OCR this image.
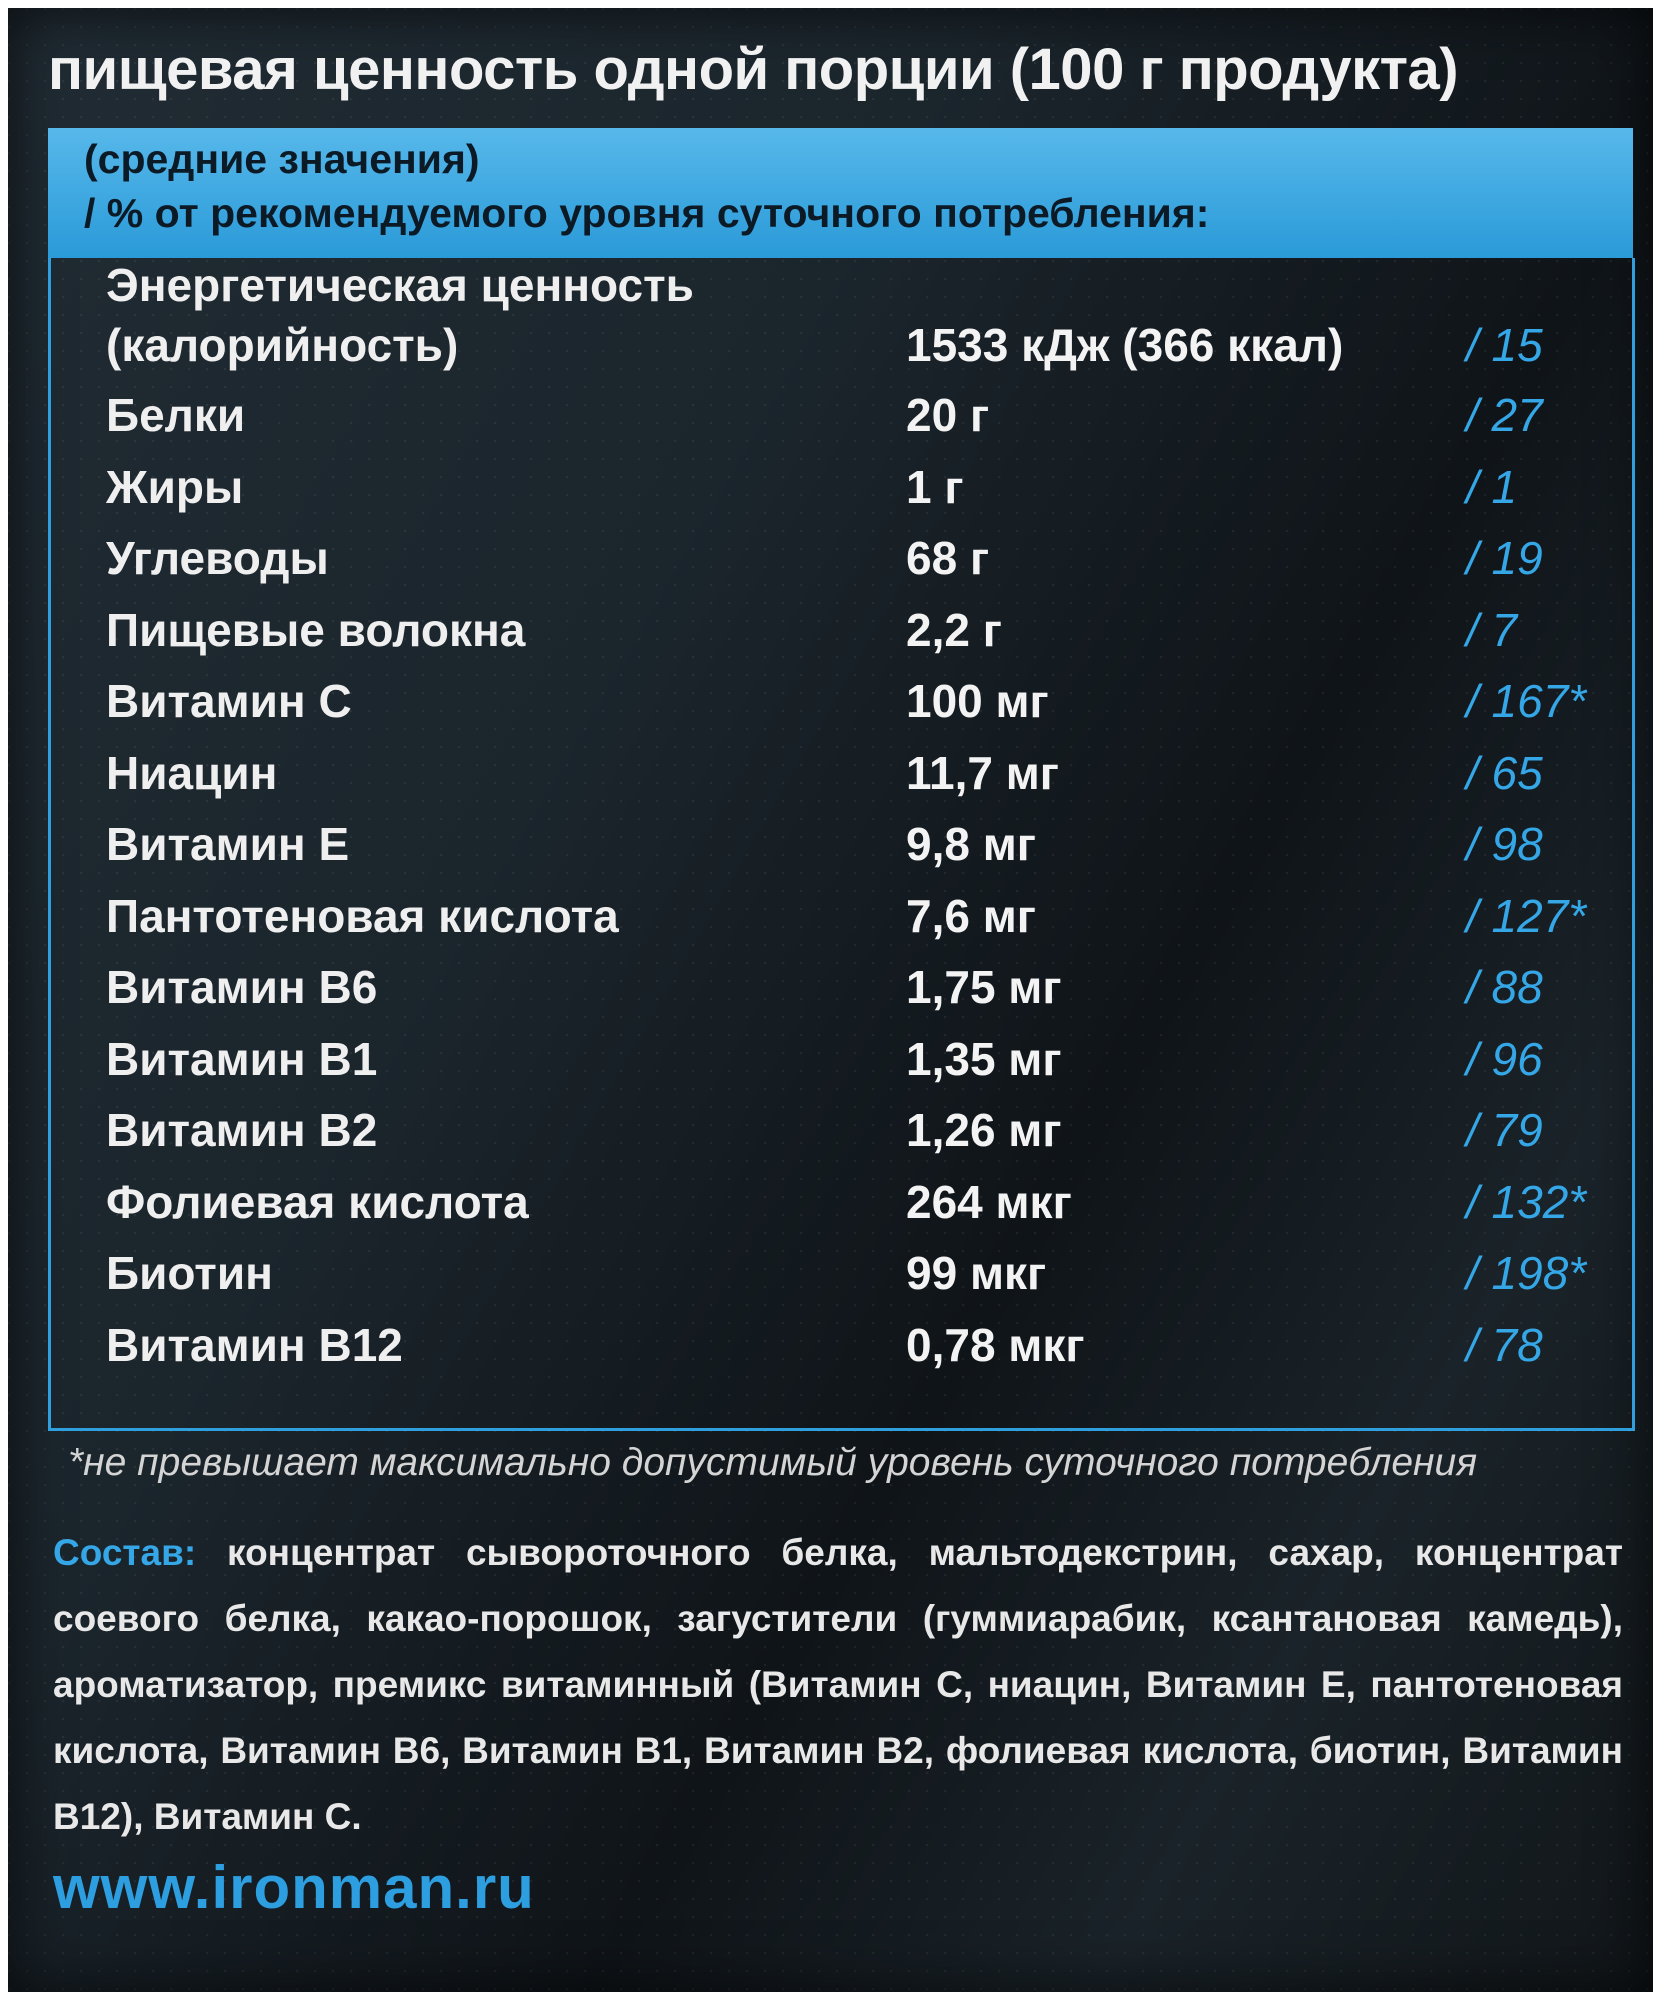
пищевая ценность одной порции (100 г продукта)
(средние значения)
/ % от рекомендуемого уровня суточного потребления:
Энергетическая ценность
(калорийность)	1533 кДж (366 ккал)	/ 15
Белки	20 г	/ 27
Жиры	1 г	/ 1
Углеводы	68 г	/ 19
Пищевые волокна	2,2 г	/ 7
Витамин С	100 мг	/ 167*
Ниацин	11,7 мг	/ 65
Витамин Е	9,8 мг	/ 98
Пантотеновая кислота	7,6 мг	/ 127*
Витамин В6	1,75 мг	/ 88
Витамин В1	1,35 мг	/ 96
Витамин В2	1,26 мг	/ 79
Фолиевая кислота	264 мкг	/ 132*
Биотин	99 мкг	/ 198*
Витамин В12	0,78 мкг	/ 78
*не превышает максимально допустимый уровень суточного потребления
Состав: концентрат сывороточного белка, мальтодекстрин, сахар, концентрат соевого белка, какао-порошок, загустители (гуммиарабик, ксантановая камедь), ароматизатор, премикс витаминный (Витамин С, ниацин, Витамин Е, пантотеновая кислота, Витамин В6, Витамин В1, Витамин В2, фолиевая кислота, биотин, Витамин В12), Витамин С.
www.ironman.ru
